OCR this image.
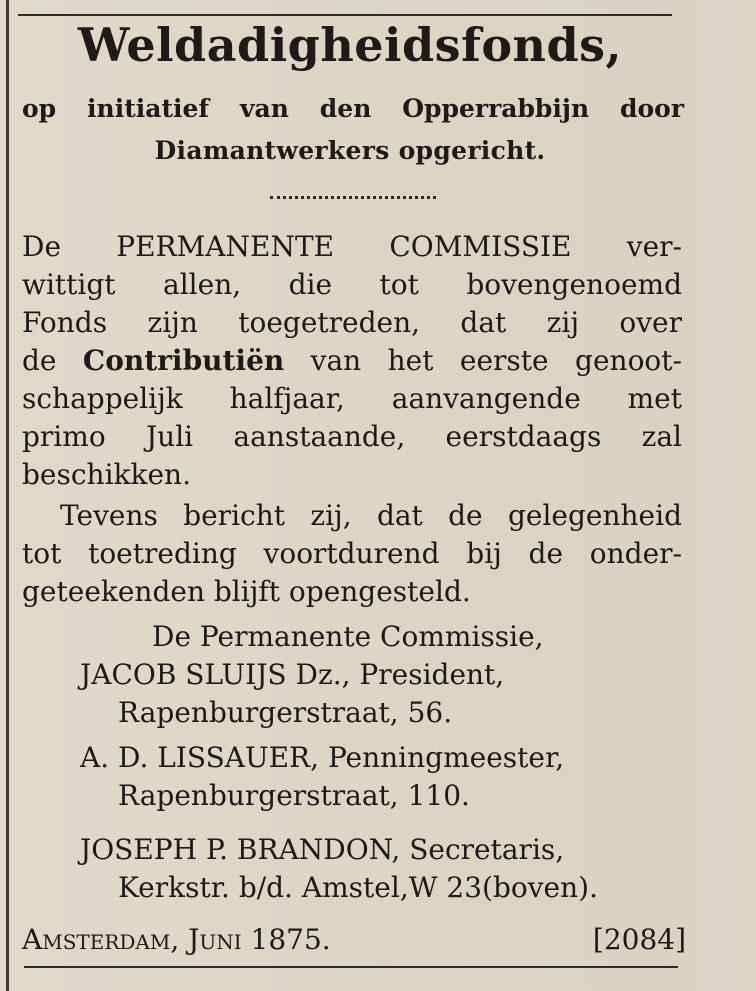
Weldadigheidsfonds,
op initiatief van den Opperrabbijn door
Diamantwerkers opgericht.
De PERMANENTE COMMISSIE ver-
wittigt allen, die tot bovengenoemd
Fonds zijn toegetreden, dat zij over
de Contributiën van het eerste genoot-
schappelijk halfjaar, aanvangende met
primo Juli aanstaande, eerstdaags zal
beschikken.
Tevens bericht zij, dat de gelegenheid
tot toetreding voortdurend bij de onder-
geteekenden blijft opengesteld.
De Permanente Commissie,
JACOB SLUIJS Dz., President,
Rapenburgerstraat, 56.
A. D. LISSAUER, Penningmeester,
Rapenburgerstraat, 110.
JOSEPH P. BRANDON, Secretaris,
Kerkstr. b/d. Amstel,W 23(boven).
Amsterdam, Juni 1875.	[2084]
